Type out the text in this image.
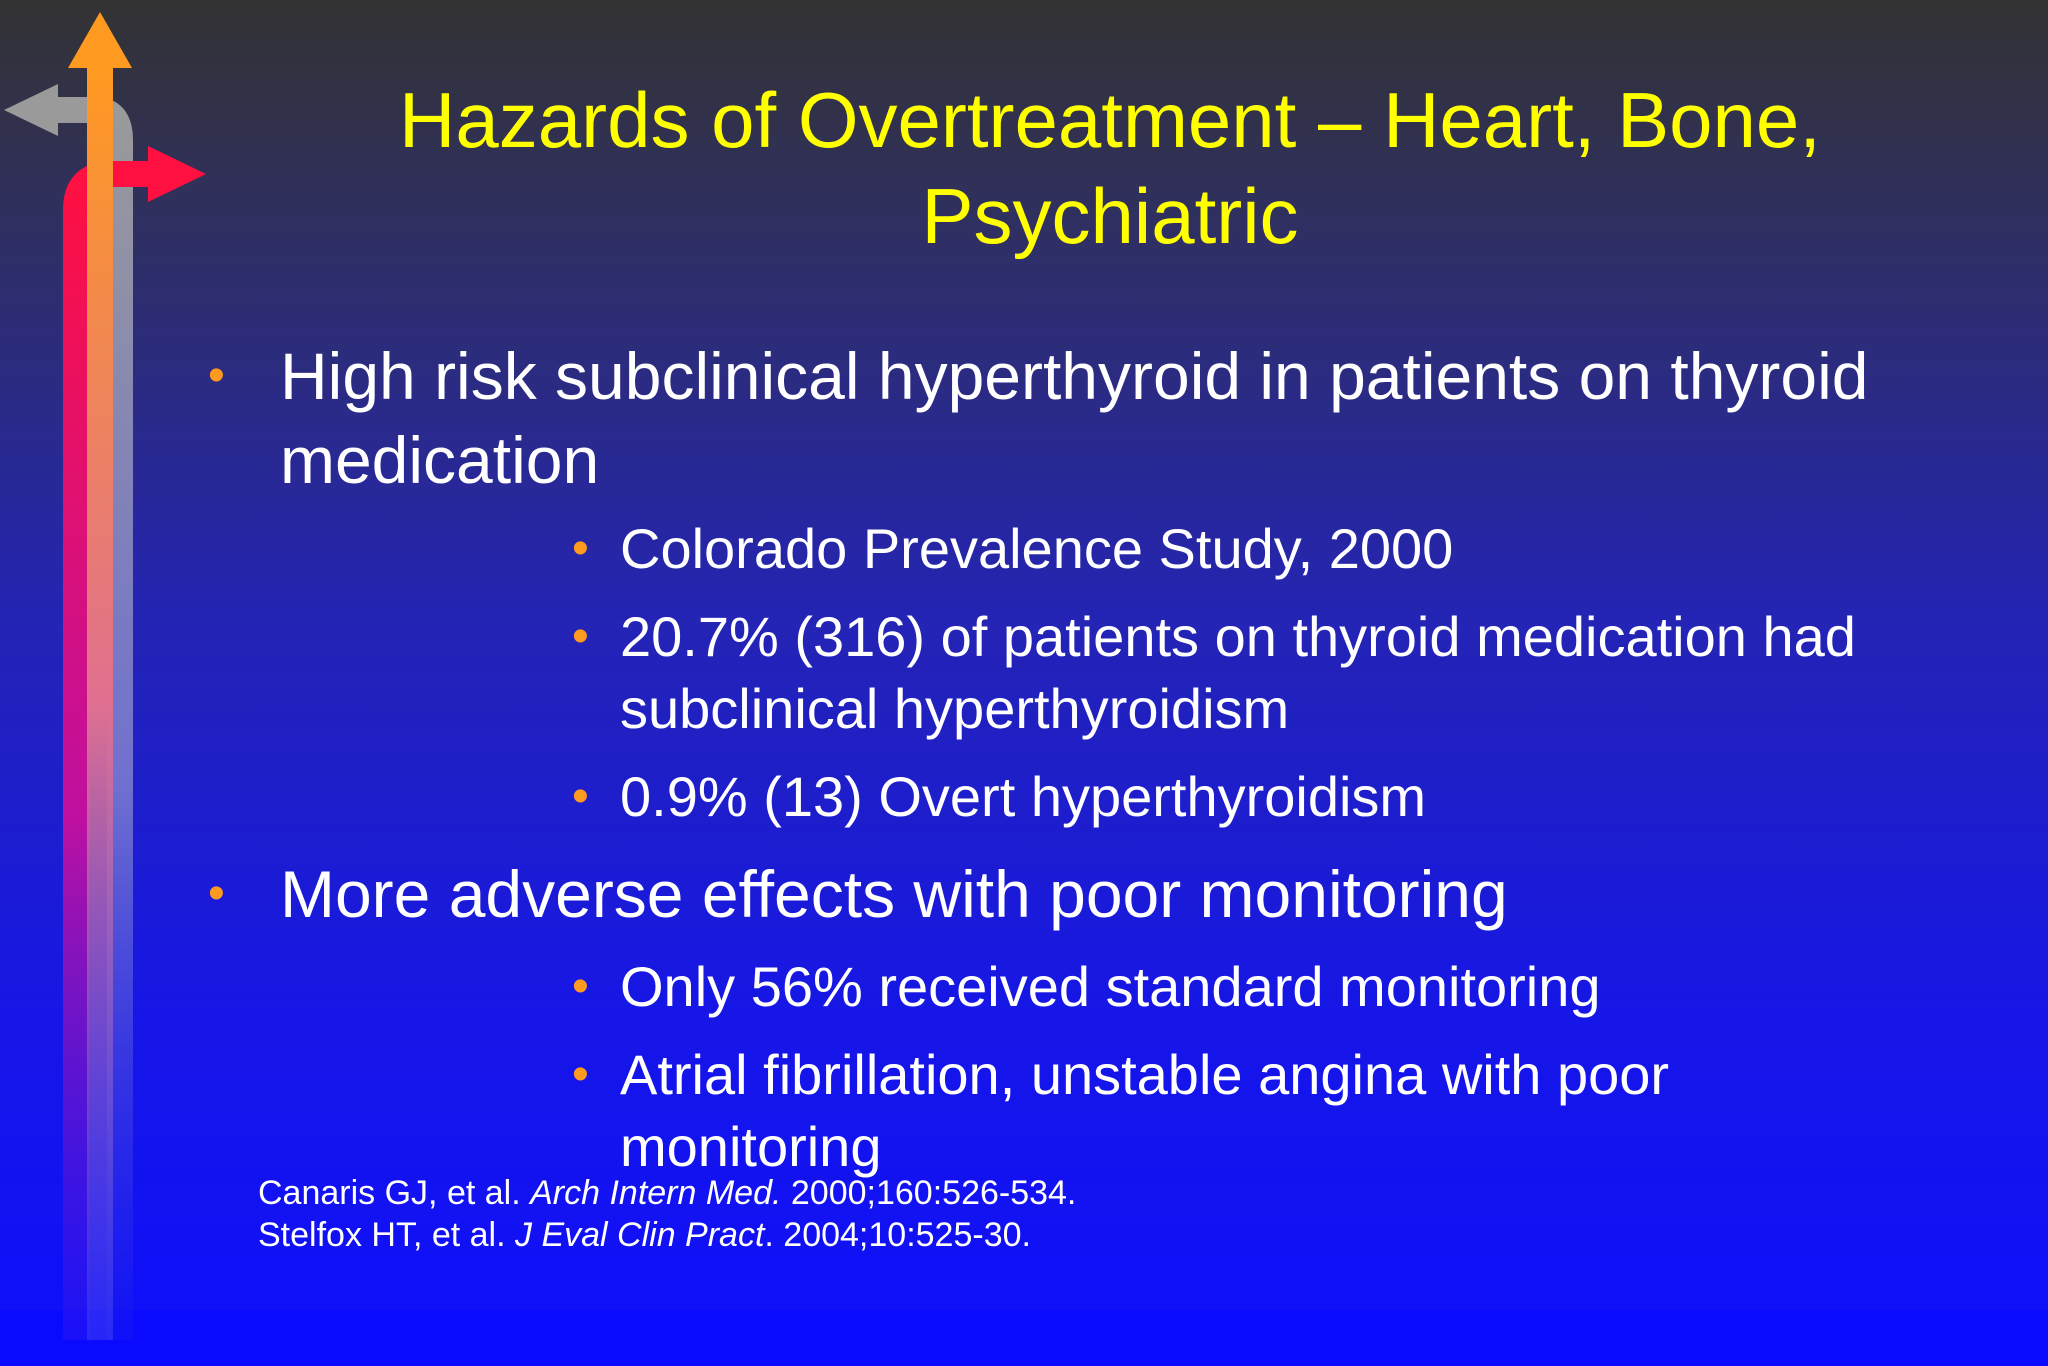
Hazards of Overtreatment – Heart, Bone, Psychiatric
• High risk subclinical hyperthyroid in patients on thyroid medication
• Colorado Prevalence Study, 2000
• 20.7% (316) of patients on thyroid medication had subclinical hyperthyroidism
• 0.9% (13) Overt hyperthyroidism
• More adverse effects with poor monitoring
• Only 56% received standard monitoring
• Atrial fibrillation, unstable angina with poor monitoring
Canaris GJ, et al. Arch Intern Med. 2000;160:526-534.
Stelfox HT, et al. J Eval Clin Pract. 2004;10:525-30.
